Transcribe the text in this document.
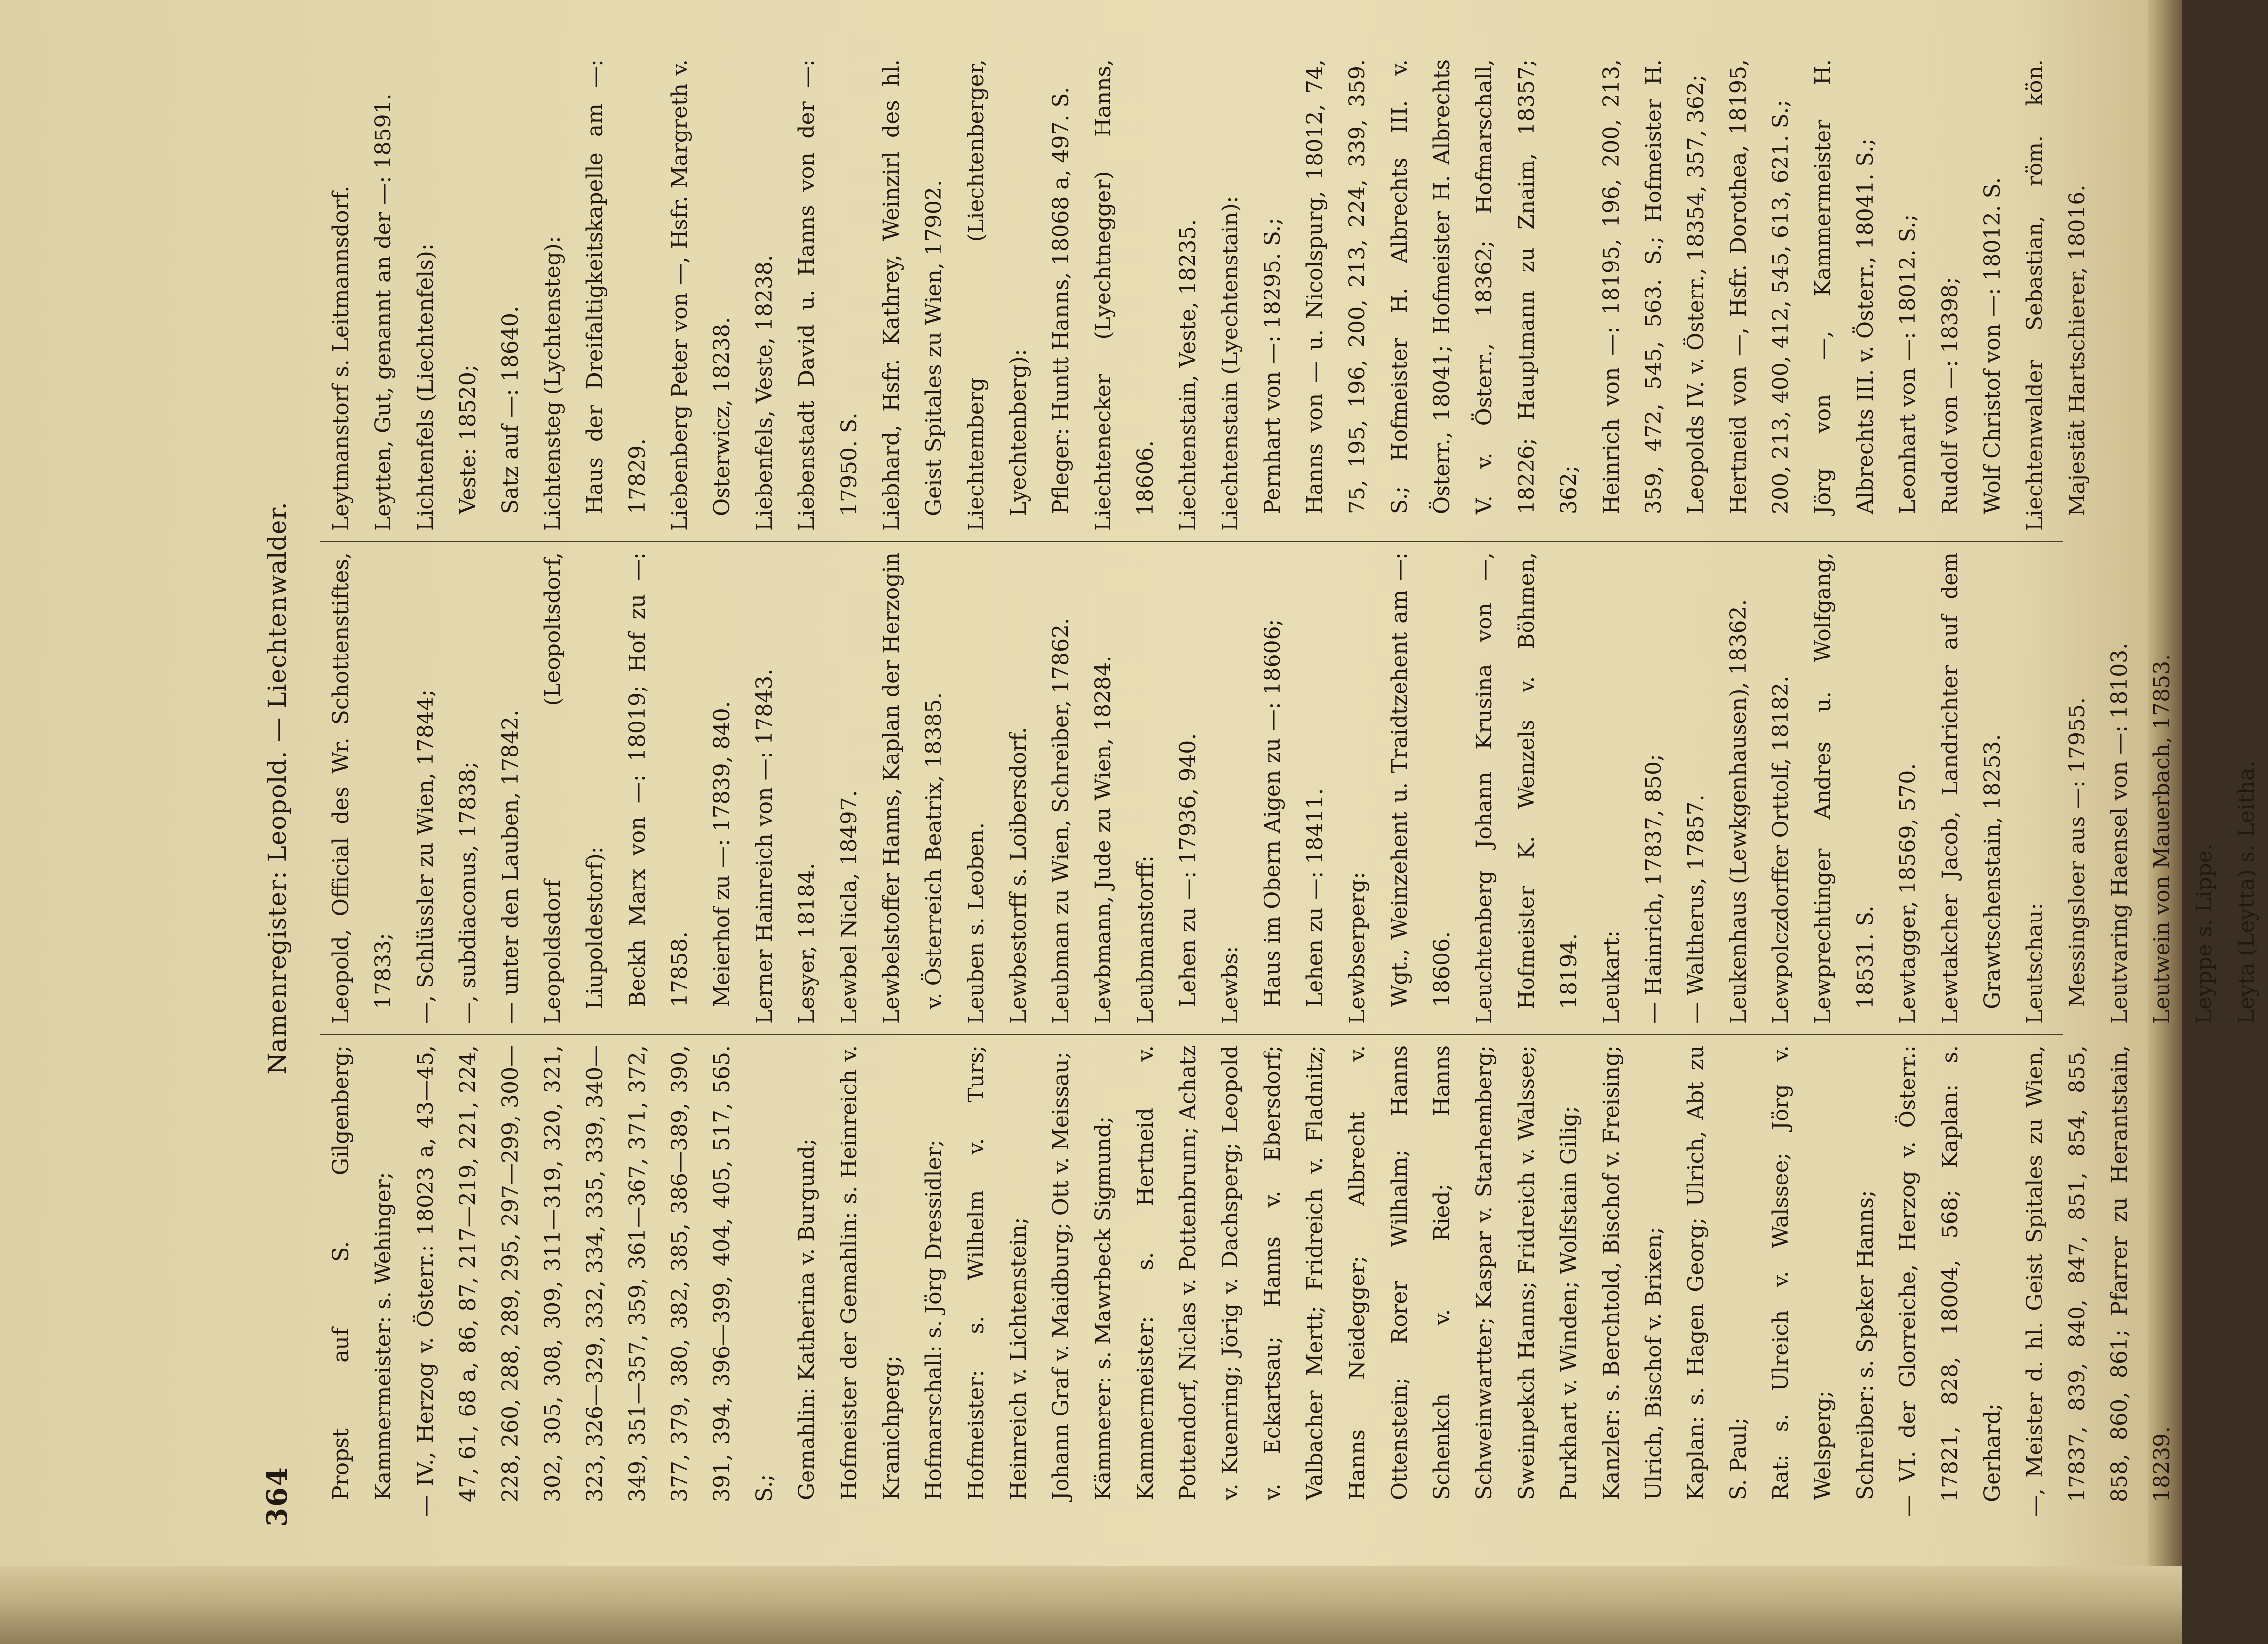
364
Namenregister: Leopold. — Liechtenwalder.

Propst auf S. Gilgenberg; Kammermeister: s. Wehinger; — IV., Herzog v. Österr.: 18023 a, 43—45, 47, 61, 68 a, 86, 87, 217—219, 221, 224, 228, 260, 288, 289, 295, 297—299, 300—302, 305, 308, 309, 311—319, 320, 321, 323, 326—329, 332, 334, 335, 339, 340—349, 351—357, 359, 361—367, 371, 372, 377, 379, 380, 382, 385, 386—389, 390, 391, 394, 396—399, 404, 405, 517, 565. S.; Gemahlin: Katherina v. Burgund; Hofmeister der Gemahlin: s. Heinreich v. Kranichperg; Hofmarschall: s. Jörg Dressidler; Hofmeister: s. Wilhelm v. Turs; Heinreich v. Lichtenstein; Johann Graf v. Maidburg; Ott v. Meissau; Kämmerer: s. Mawrbeck Sigmund; Kammermeister: s. Hertneid v. Pottendorf, Niclas v. Pottenbrunn; Achatz v. Kuenring; Jörig v. Dachsperg; Leopold v. Eckartsau; Hanns v. Ebersdorf; Valbacher Mertt; Fridreich v. Fladnitz; Hanns Neidegger; Albrecht v. Ottenstein; Rorer Wilhalm; Hanns Schenkch v. Ried; Hanns Schweinwartter; Kaspar v. Starhemberg; Sweinpekch Hanns; Fridreich v. Walssee; Purkhart v. Winden; Wolfstain Gilig; Kanzler: s. Berchtold, Bischof v. Freising; Ulrich, Bischof v. Brixen; Kaplan: s. Hagen Georg; Ulrich, Abt zu S. Paul; Rat: s. Ulreich v. Walssee; Jörg v. Welsperg; Schreiber: s. Speker Hanns; — VI. der Glorreiche, Herzog v. Österr.: 17821, 828, 18004, 568; Kaplan: s. Gerhard; —, Meister d. hl. Geist Spitales zu Wien, 17837, 839, 840, 847, 851, 854, 855, 858, 860, 861; Pfarrer zu Herantstain, 18239.

Leopold, Official des Wr. Schottenstiftes, 17833; —, Schlüssler zu Wien, 17844; —, subdiaconus, 17838; — unter den Lauben, 17842. Leopoldsdorf (Leopoltsdorf, Liupoldestorf): Beckh Marx von —: 18019; Hof zu —: 17858. Meierhof zu —: 17839, 840. Lerner Hainreich von —: 17843. Lesyer, 18184. Lewbel Nicla, 18497. Lewbelstoffer Hanns, Kaplan der Herzogin v. Österreich Beatrix, 18385. Leuben s. Leoben. Lewbestorff s. Loibersdorf. Leubman zu Wien, Schreiber, 17862. Lewbmann, Jude zu Wien, 18284. Leubmanstorff: Lehen zu —: 17936, 940. Lewbs: Haus im Obern Aigen zu —: 18606; Lehen zu —: 18411. Lewbserperg: Wgt., Weinzehent u. Traidtzehent am —: 18606. Leuchtenberg Johann Krusina von —, Hofmeister K. Wenzels v. Böhmen, 18194. Leukart: — Hainrich, 17837, 850; — Waltherus, 17857. Leukenhaus (Lewkgenhausen), 18362. Lewpolczdorffer Orttolf, 18182. Lewprechtinger Andres u. Wolfgang, 18531. S. Lewtagger, 18569, 570. Lewtakcher Jacob, Landrichter auf dem Grawtschenstain, 18253. Leutschau: Messingsloer aus —: 17955. Leutvaring Haensel von —: 18103. Leutwein von Mauerbach, 17853. Leyppe s. Lippe. Leyta (Leytta) s. Leitha.

Leytmanstorf s. Leitmannsdorf. Leytten, Gut, genannt an der —: 18591. Lichtenfels (Liechtenfels): Veste: 18520; Satz auf —: 18640. Lichtensteg (Lychtensteg): Haus der Dreifaltigkeitskapelle am —: 17829. Liebenberg Peter von —, Hsfr. Margreth v. Osterwicz, 18238. Liebenfels, Veste, 18238. Liebenstadt David u. Hanns von der —: 17950. S. Liebhard, Hsfr. Kathrey, Weinzirl des hl. Geist Spitales zu Wien, 17902. Liechtemberg (Liechtenberger, Lyechtenberg): Pfleger: Huntt Hanns, 18068 a, 497. S. Liechtenecker (Lyechtnegger) Hanns, 18606. Liechtenstain, Veste, 18235. Liechtenstain (Lyechtenstain): Pernhart von —: 18295. S.; Hanns von — u. Nicolspurg, 18012, 74, 75, 195, 196, 200, 213, 224, 339, 359. S.; Hofmeister H. Albrechts III. v. Österr., 18041; Hofmeister H. Albrechts V. v. Österr., 18362; Hofmarschall, 18226; Hauptmann zu Znaim, 18357; 362; Heinrich von —: 18195, 196, 200, 213, 359, 472, 545, 563. S.; Hofmeister H. Leopolds IV. v. Österr., 18354, 357, 362; Hertneid von —, Hsfr. Dorothea, 18195, 200, 213, 400, 412, 545, 613, 621. S.; Jörg von —, Kammermeister H. Albrechts III. v. Österr., 18041. S.; Leonhart von —: 18012. S.; Rudolf von —: 18398; Wolf Christof von —: 18012. S. Liechtenwalder Sebastian, röm. kön. Majestät Hartschierer, 18016.
